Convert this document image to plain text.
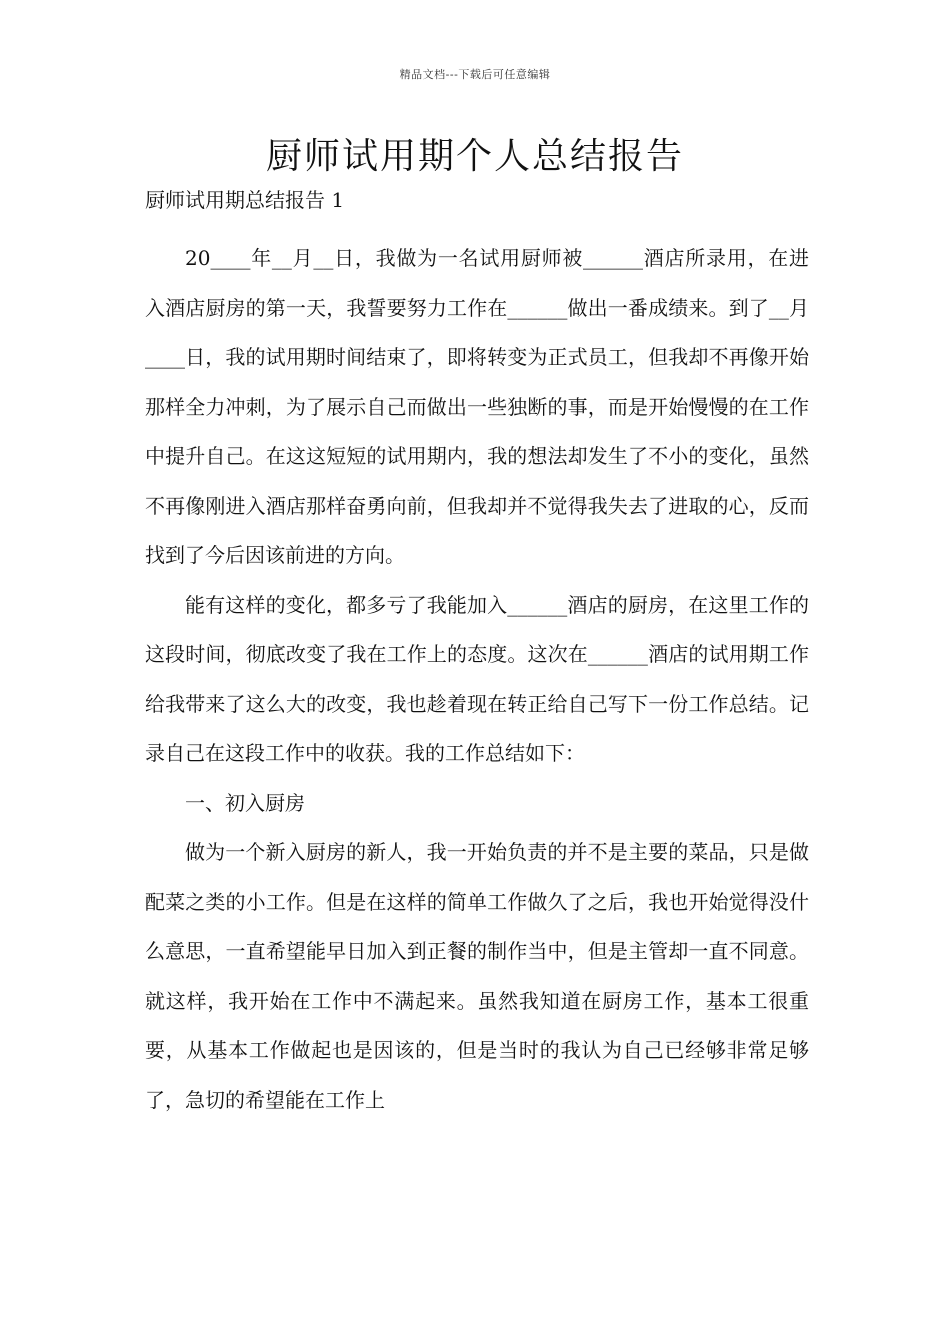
精品文档---下载后可任意编辑
厨师试用期个人总结报告

厨师试用期总结报告 1

20____年__月__日，我做为一名试用厨师被______酒店所录用，在进入酒店厨房的第一天，我誓要努力工作在______做出一番成绩来。到了__月____日，我的试用期时间结束了，即将转变为正式员工，但我却不再像开始那样全力冲刺，为了展示自己而做出一些独断的事，而是开始慢慢的在工作中提升自己。在这这短短的试用期内，我的想法却发生了不小的变化，虽然不再像刚进入酒店那样奋勇向前，但我却并不觉得我失去了进取的心，反而找到了今后因该前进的方向。

能有这样的变化，都多亏了我能加入______酒店的厨房，在这里工作的这段时间，彻底改变了我在工作上的态度。这次在______酒店的试用期工作给我带来了这么大的改变，我也趁着现在转正给自己写下一份工作总结。记录自己在这段工作中的收获。我的工作总结如下：

一、初入厨房

做为一个新入厨房的新人，我一开始负责的并不是主要的菜品，只是做配菜之类的小工作。但是在这样的简单工作做久了之后，我也开始觉得没什么意思，一直希望能早日加入到正餐的制作当中，但是主管却一直不同意。就这样，我开始在工作中不满起来。虽然我知道在厨房工作，基本工很重要，从基本工作做起也是因该的，但是当时的我认为自己已经够非常足够了，急切的希望能在工作上
